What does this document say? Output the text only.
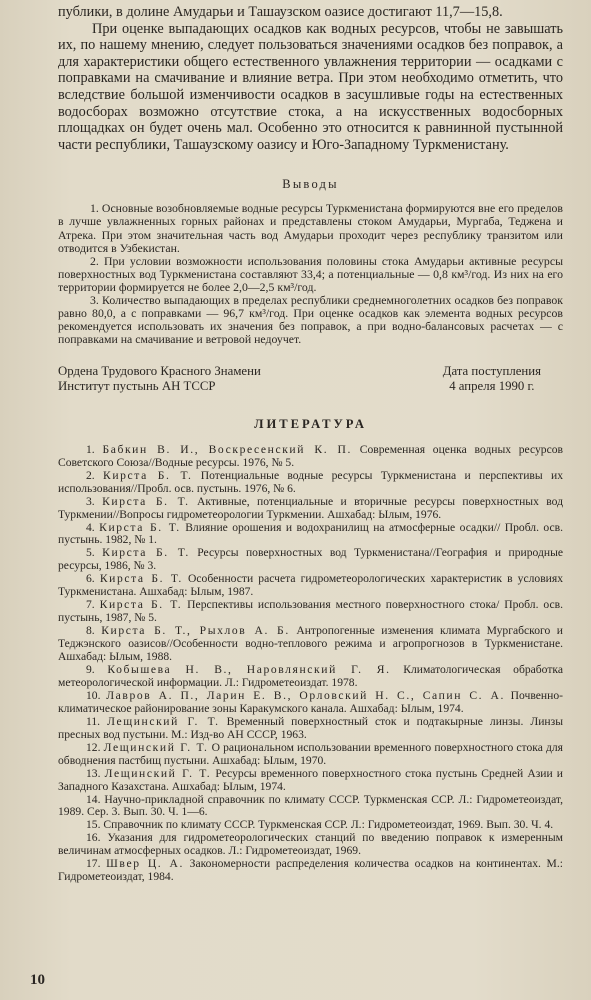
публики, в долине Амударьи и Ташаузском оазисе достигают 11,7—15,8.

При оценке выпадающих осадков как водных ресурсов, чтобы не завышать их, по нашему мнению, следует пользоваться значениями осадков без поправок, а для характеристики общего естественного увлажнения территории — осадками с поправками на смачивание и влияние ветра. При этом необходимо отметить, что вследствие большой изменчивости осадков в засушливые годы на естественных водосборах возможно отсутствие стока, а на искусственных водосборных площадках он будет очень мал. Особенно это относится к равнинной пустынной части республики, Ташаузскому оазису и Юго-Западному Туркменистану.

Выводы

1. Основные возобновляемые водные ресурсы Туркменистана формируются вне его пределов в лучше увлажненных горных районах и представлены стоком Амударьи, Мургаба, Теджена и Атрека. При этом значительная часть вод Амударьи проходит через республику транзитом или отводится в Узбекистан.

2. При условии возможности использования половины стока Амударьи активные ресурсы поверхностных вод Туркменистана составляют 33,4; а потенциальные — 0,8 км³/год. Из них на его территории формируется не более 2,0—2,5 км³/год.

3. Количество выпадающих в пределах республики среднемноголетних осадков без поправок равно 80,0, а с поправками — 96,7 км³/год. При оценке осадков как элемента водных ресурсов рекомендуется использовать их значения без поправок, а при водно-балансовых расчетах — с поправками на смачивание и ветровой недоучет.

Ордена Трудового Красного Знамени Институт пустынь АН ТССР
Дата поступления
4 апреля 1990 г.
ЛИТЕРАТУРА

1. Бабкин В. И., Воскресенский К. П. Современная оценка водных ресурсов Советского Союза//Водные ресурсы. 1976, № 5.

2. Кирста Б. Т. Потенциальные водные ресурсы Туркменистана и перспективы их использования//Пробл. осв. пустынь. 1976, № 6.

3. Кирста Б. Т. Активные, потенциальные и вторичные ресурсы поверхностных вод Туркмении//Вопросы гидрометеорологии Туркмении. Ашхабад: Ылым, 1976.

4. Кирста Б. Т. Влияние орошения и водохранилищ на атмосферные осадки// Пробл. осв. пустынь. 1982, № 1.

5. Кирста Б. Т. Ресурсы поверхностных вод Туркменистана//География и природные ресурсы, 1986, № 3.

6. Кирста Б. Т. Особенности расчета гидрометеорологических характеристик в условиях Туркменистана. Ашхабад: Ылым, 1987.

7. Кирста Б. Т. Перспективы использования местного поверхностного стока/ Пробл. осв. пустынь, 1987, № 5.

8. Кирста Б. Т., Рыхлов А. Б. Антропогенные изменения климата Мургабского и Теджэнского оазисов//Особенности водно-теплового режима и агропрогнозов в Туркменистане. Ашхабад: Ылым, 1988.

9. Кобышева Н. В., Наровлянский Г. Я. Климатологическая обработка метеорологической информации. Л.: Гидрометеоиздат. 1978.

10. Лавров А. П., Ларин Е. В., Орловский Н. С., Сапин С. А. Почвенно-климатическое районирование зоны Каракумского канала. Ашхабад: Ылым, 1974.

11. Лещинский Г. Т. Временный поверхностный сток и подтакырные линзы. Линзы пресных вод пустыни. М.: Изд-во АН СССР, 1963.

12. Лещинский Г. Т. О рациональном использовании временного поверхностного стока для обводнения пастбищ пустыни. Ашхабад: Ылым, 1970.

13. Лещинский Г. Т. Ресурсы временного поверхностного стока пустынь Средней Азии и Западного Казахстана. Ашхабад: Ылым, 1974.

14. Научно-прикладной справочник по климату СССР. Туркменская ССР. Л.: Гидрометеоиздат, 1989. Сер. 3. Вып. 30. Ч. 1—6.

15. Справочник по климату СССР. Туркменская ССР. Л.: Гидрометеоиздат, 1969. Вып. 30. Ч. 4.

16. Указания для гидрометеорологических станций по введению поправок к измеренным величинам атмосферных осадков. Л.: Гидрометеоиздат, 1969.

17. Швер Ц. А. Закономерности распределения количества осадков на континентах. М.: Гидрометеоиздат, 1984.

10
